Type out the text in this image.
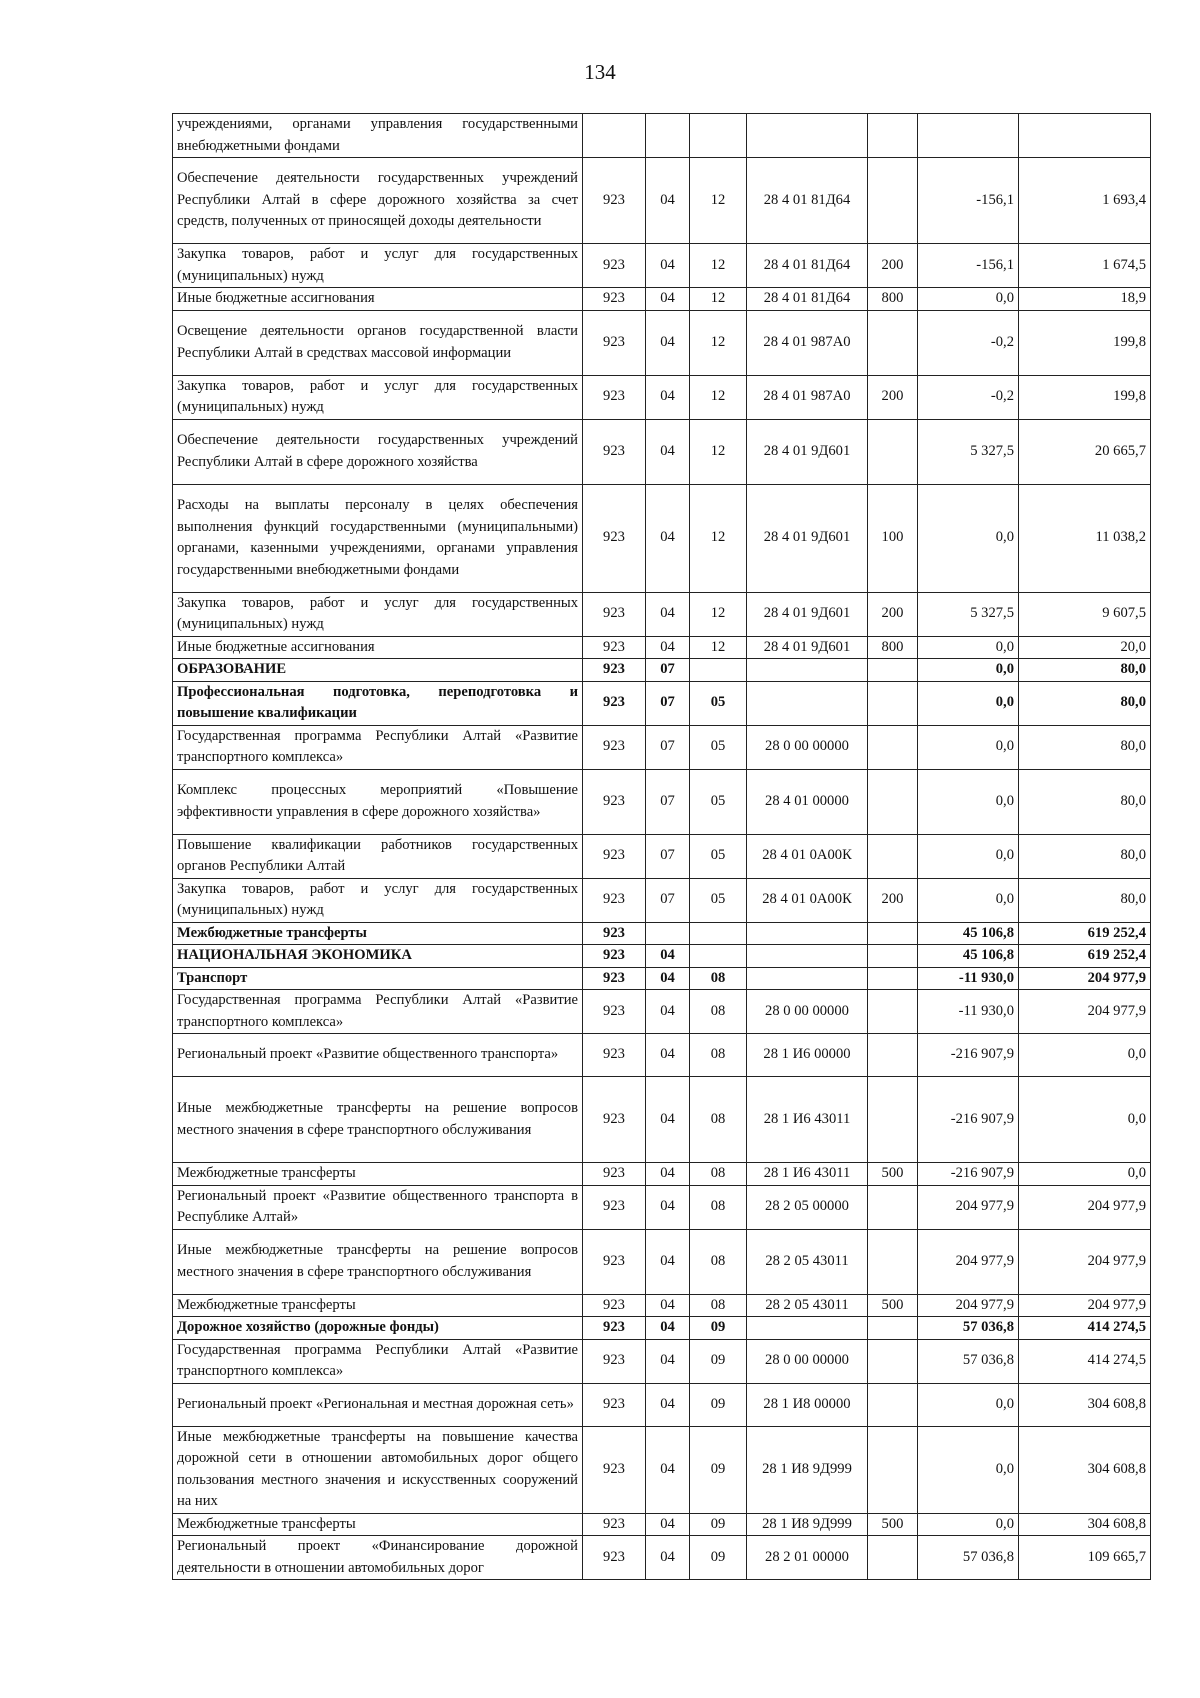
134
учреждениями, органами управления государственными внебюджетными фондами							
Обеспечение деятельности государственных учреждений Республики Алтай в сфере дорожного хозяйства за счет средств, полученных от приносящей доходы деятельности	923	04	12	28 4 01 81Д64		-156,1	1 693,4
Закупка товаров, работ и услуг для государственных (муниципальных) нужд	923	04	12	28 4 01 81Д64	200	-156,1	1 674,5
Иные бюджетные ассигнования	923	04	12	28 4 01 81Д64	800	0,0	18,9
Освещение деятельности органов государственной власти Республики Алтай в средствах массовой информации	923	04	12	28 4 01 987А0		-0,2	199,8
Закупка товаров, работ и услуг для государственных (муниципальных) нужд	923	04	12	28 4 01 987А0	200	-0,2	199,8
Обеспечение деятельности государственных учреждений Республики Алтай в сфере дорожного хозяйства	923	04	12	28 4 01 9Д601		5 327,5	20 665,7
Расходы на выплаты персоналу в целях обеспечения выполнения функций государственными (муниципальными) органами, казенными учреждениями, органами управления государственными внебюджетными фондами	923	04	12	28 4 01 9Д601	100	0,0	11 038,2
Закупка товаров, работ и услуг для государственных (муниципальных) нужд	923	04	12	28 4 01 9Д601	200	5 327,5	9 607,5
Иные бюджетные ассигнования	923	04	12	28 4 01 9Д601	800	0,0	20,0
ОБРАЗОВАНИЕ	923	07				0,0	80,0
Профессиональная подготовка, переподготовка и повышение квалификации	923	07	05			0,0	80,0
Государственная программа Республики Алтай «Развитие транспортного комплекса»	923	07	05	28 0 00 00000		0,0	80,0
Комплекс процессных мероприятий «Повышение эффективности управления в сфере дорожного хозяйства»	923	07	05	28 4 01 00000		0,0	80,0
Повышение квалификации работников государственных органов Республики Алтай	923	07	05	28 4 01 0А00К		0,0	80,0
Закупка товаров, работ и услуг для государственных (муниципальных) нужд	923	07	05	28 4 01 0А00К	200	0,0	80,0
Межбюджетные трансферты	923					45 106,8	619 252,4
НАЦИОНАЛЬНАЯ ЭКОНОМИКА	923	04				45 106,8	619 252,4
Транспорт	923	04	08			-11 930,0	204 977,9
Государственная программа Республики Алтай «Развитие транспортного комплекса»	923	04	08	28 0 00 00000		-11 930,0	204 977,9
Региональный проект «Развитие общественного транспорта»	923	04	08	28 1 И6 00000		-216 907,9	0,0
Иные межбюджетные трансферты на решение вопросов местного значения в сфере транспортного обслуживания	923	04	08	28 1 И6 43011		-216 907,9	0,0
Межбюджетные трансферты	923	04	08	28 1 И6 43011	500	-216 907,9	0,0
Региональный проект «Развитие общественного транспорта в Республике Алтай»	923	04	08	28 2 05 00000		204 977,9	204 977,9
Иные межбюджетные трансферты на решение вопросов местного значения в сфере транспортного обслуживания	923	04	08	28 2 05 43011		204 977,9	204 977,9
Межбюджетные трансферты	923	04	08	28 2 05 43011	500	204 977,9	204 977,9
Дорожное хозяйство (дорожные фонды)	923	04	09			57 036,8	414 274,5
Государственная программа Республики Алтай «Развитие транспортного комплекса»	923	04	09	28 0 00 00000		57 036,8	414 274,5
Региональный проект «Региональная и местная дорожная сеть»	923	04	09	28 1 И8 00000		0,0	304 608,8
Иные межбюджетные трансферты на повышение качества дорожной сети в отношении автомобильных дорог общего пользования местного значения и искусственных сооружений на них	923	04	09	28 1 И8 9Д999		0,0	304 608,8
Межбюджетные трансферты	923	04	09	28 1 И8 9Д999	500	0,0	304 608,8
Региональный проект «Финансирование дорожной деятельности в отношении автомобильных дорог	923	04	09	28 2 01 00000		57 036,8	109 665,7
